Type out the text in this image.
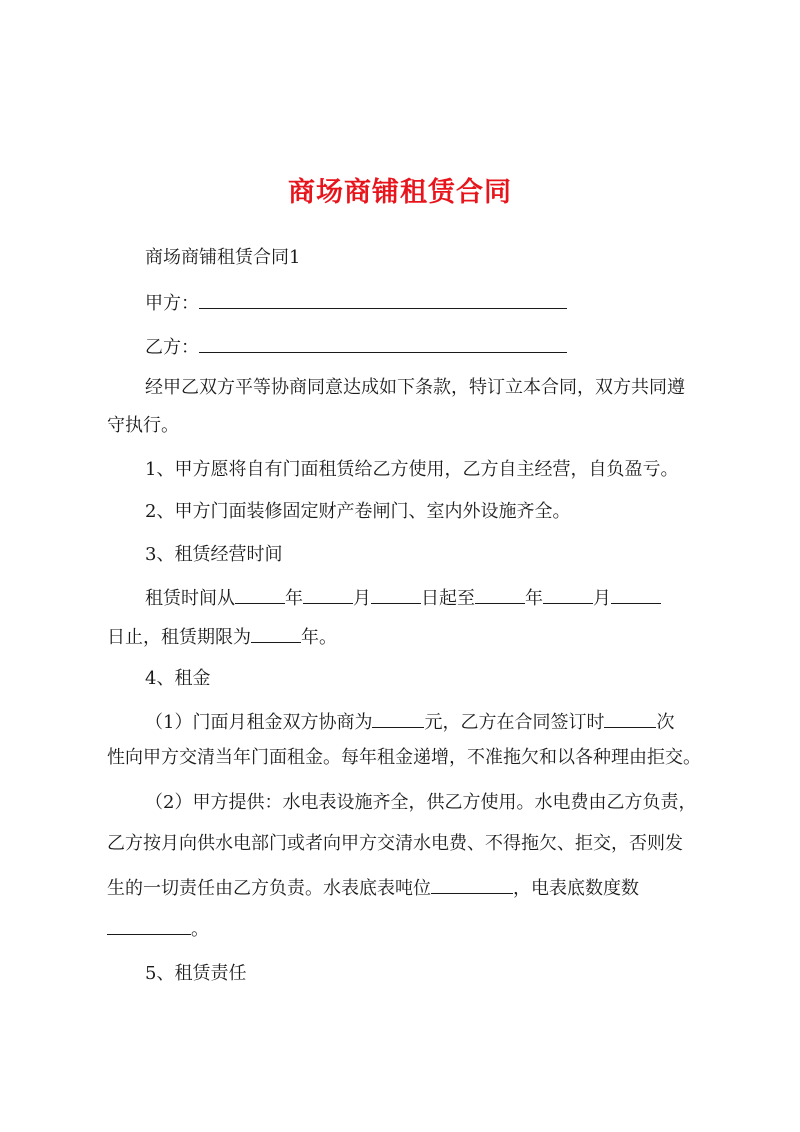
商场商铺租赁合同
商场商铺租赁合同1
甲方：
乙方：
经甲乙双方平等协商同意达成如下条款，特订立本合同，双方共同遵
守执行。
1、甲方愿将自有门面租赁给乙方使用，乙方自主经营，自负盈亏。
2、甲方门面装修固定财产卷闸门、室内外设施齐全。
3、租赁经营时间
租赁时间从	年	月	日起至	年	月
日止，租赁期限为	年。
4、租金
（1）门面月租金双方协商为	元，乙方在合同签订时	次
性向甲方交清当年门面租金。每年租金递增，不准拖欠和以各种理由拒交。
（2）甲方提供：水电表设施齐全，供乙方使用。水电费由乙方负责，
乙方按月向供水电部门或者向甲方交清水电费、不得拖欠、拒交，否则发
生的一切责任由乙方负责。水表底表吨位	，电表底数度数
。
5、租赁责任
